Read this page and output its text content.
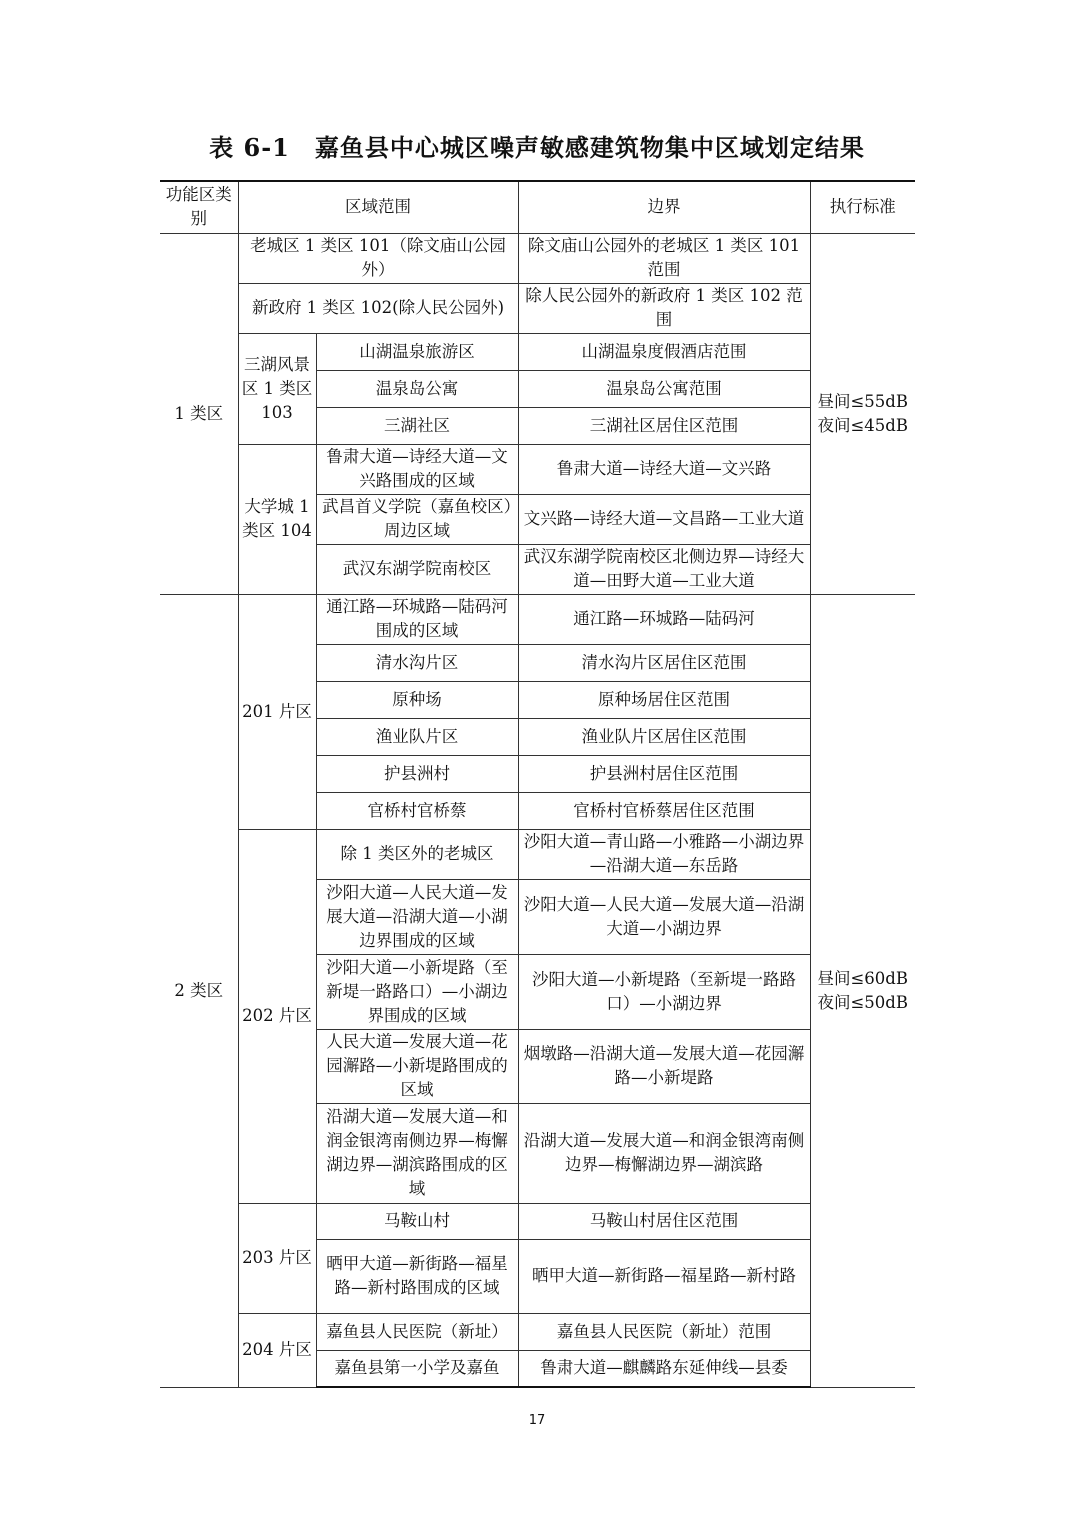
表 6-1　嘉鱼县中心城区噪声敏感建筑物集中区域划定结果
功能区类别	区域范围		边界	执行标准
1 类区	老城区 1 类区 101（除文庙山公园外）		除文庙山公园外的老城区 1 类区 101 范围	昼间≤55dB 夜间≤45dB
	新政府 1 类区 102(除人民公园外)		除人民公园外的新政府 1 类区 102 范围	
	三湖风景区 1 类区 103	山湖温泉旅游区	山湖温泉度假酒店范围	
		温泉岛公寓	温泉岛公寓范围	
		三湖社区	三湖社区居住区范围	
	大学城 1 类区 104	鲁肃大道—诗经大道—文兴路围成的区域	鲁肃大道—诗经大道—文兴路	
		武昌首义学院（嘉鱼校区）周边区域	文兴路—诗经大道—文昌路—工业大道	
		武汉东湖学院南校区	武汉东湖学院南校区北侧边界—诗经大道—田野大道—工业大道	
2 类区	201 片区	通江路—环城路—陆码河围成的区域	通江路—环城路—陆码河	昼间≤60dB 夜间≤50dB
		清水沟片区	清水沟片区居住区范围	
		原种场	原种场居住区范围	
		渔业队片区	渔业队片区居住区范围	
		护县洲村	护县洲村居住区范围	
		官桥村官桥蔡	官桥村官桥蔡居住区范围	
	202 片区	除 1 类区外的老城区	沙阳大道—青山路—小雅路—小湖边界—沿湖大道—东岳路	
		沙阳大道—人民大道—发展大道—沿湖大道—小湖边界围成的区域	沙阳大道—人民大道—发展大道—沿湖大道—小湖边界	
		沙阳大道—小新堤路（至新堤一路路口）—小湖边界围成的区域	沙阳大道—小新堤路（至新堤一路路口）—小湖边界	
		人民大道—发展大道—花园澥路—小新堤路围成的区域	烟墩路—沿湖大道—发展大道—花园澥路—小新堤路	
		沿湖大道—发展大道—和润金银湾南侧边界—梅懈湖边界—湖滨路围成的区域	沿湖大道—发展大道—和润金银湾南侧边界—梅懈湖边界—湖滨路	
	203 片区	马鞍山村	马鞍山村居住区范围	
		晒甲大道—新街路—福星路—新村路围成的区域	晒甲大道—新街路—福星路—新村路	
	204 片区	嘉鱼县人民医院（新址）	嘉鱼县人民医院（新址）范围	
		嘉鱼县第一小学及嘉鱼	鲁肃大道—麒麟路东延伸线—县委	
17
